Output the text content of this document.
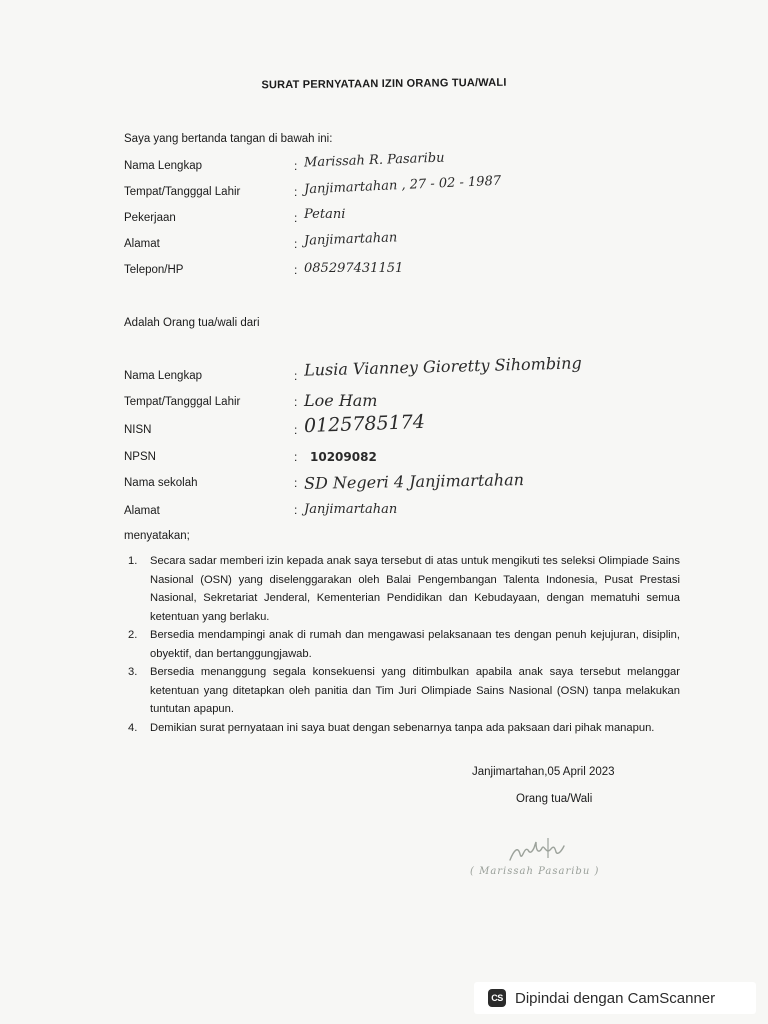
SURAT PERNYATAAN IZIN ORANG TUA/WALI
Saya yang bertanda tangan di bawah ini:
Nama Lengkap	: Marissah R. Pasaribu
Tempat/Tangggal Lahir	: Janjimartahan , 27 - 02 - 1987
Pekerjaan	: Petani
Alamat	: Janjimartahan
Telepon/HP	: 085297431151
Adalah Orang tua/wali dari
Nama Lengkap	: Lusia Vianney Gioretty Sihombing
Tempat/Tangggal Lahir	: Loe Ham
NISN	: 0125785174
NPSN	: 10209082
Nama sekolah	: SD Negeri 4 Janjimartahan
Alamat	: Janjimartahan
menyatakan;
1. Secara sadar memberi izin kepada anak saya tersebut di atas untuk mengikuti tes seleksi Olimpiade Sains Nasional (OSN) yang diselenggarakan oleh Balai Pengembangan Talenta Indonesia, Pusat Prestasi Nasional, Sekretariat Jenderal, Kementerian Pendidikan dan Kebudayaan, dengan mematuhi semua ketentuan yang berlaku.
2. Bersedia mendampingi anak di rumah dan mengawasi pelaksanaan tes dengan penuh kejujuran, disiplin, obyektif, dan bertanggungjawab.
3. Bersedia menanggung segala konsekuensi yang ditimbulkan apabila anak saya tersebut melanggar ketentuan yang ditetapkan oleh panitia dan Tim Juri Olimpiade Sains Nasional (OSN) tanpa melakukan tuntutan apapun.
4. Demikian surat pernyataan ini saya buat dengan sebenarnya tanpa ada paksaan dari pihak manapun.
Janjimartahan,05 April 2023
Orang tua/Wali
( Marissah Pasaribu )
CS Dipindai dengan CamScanner
